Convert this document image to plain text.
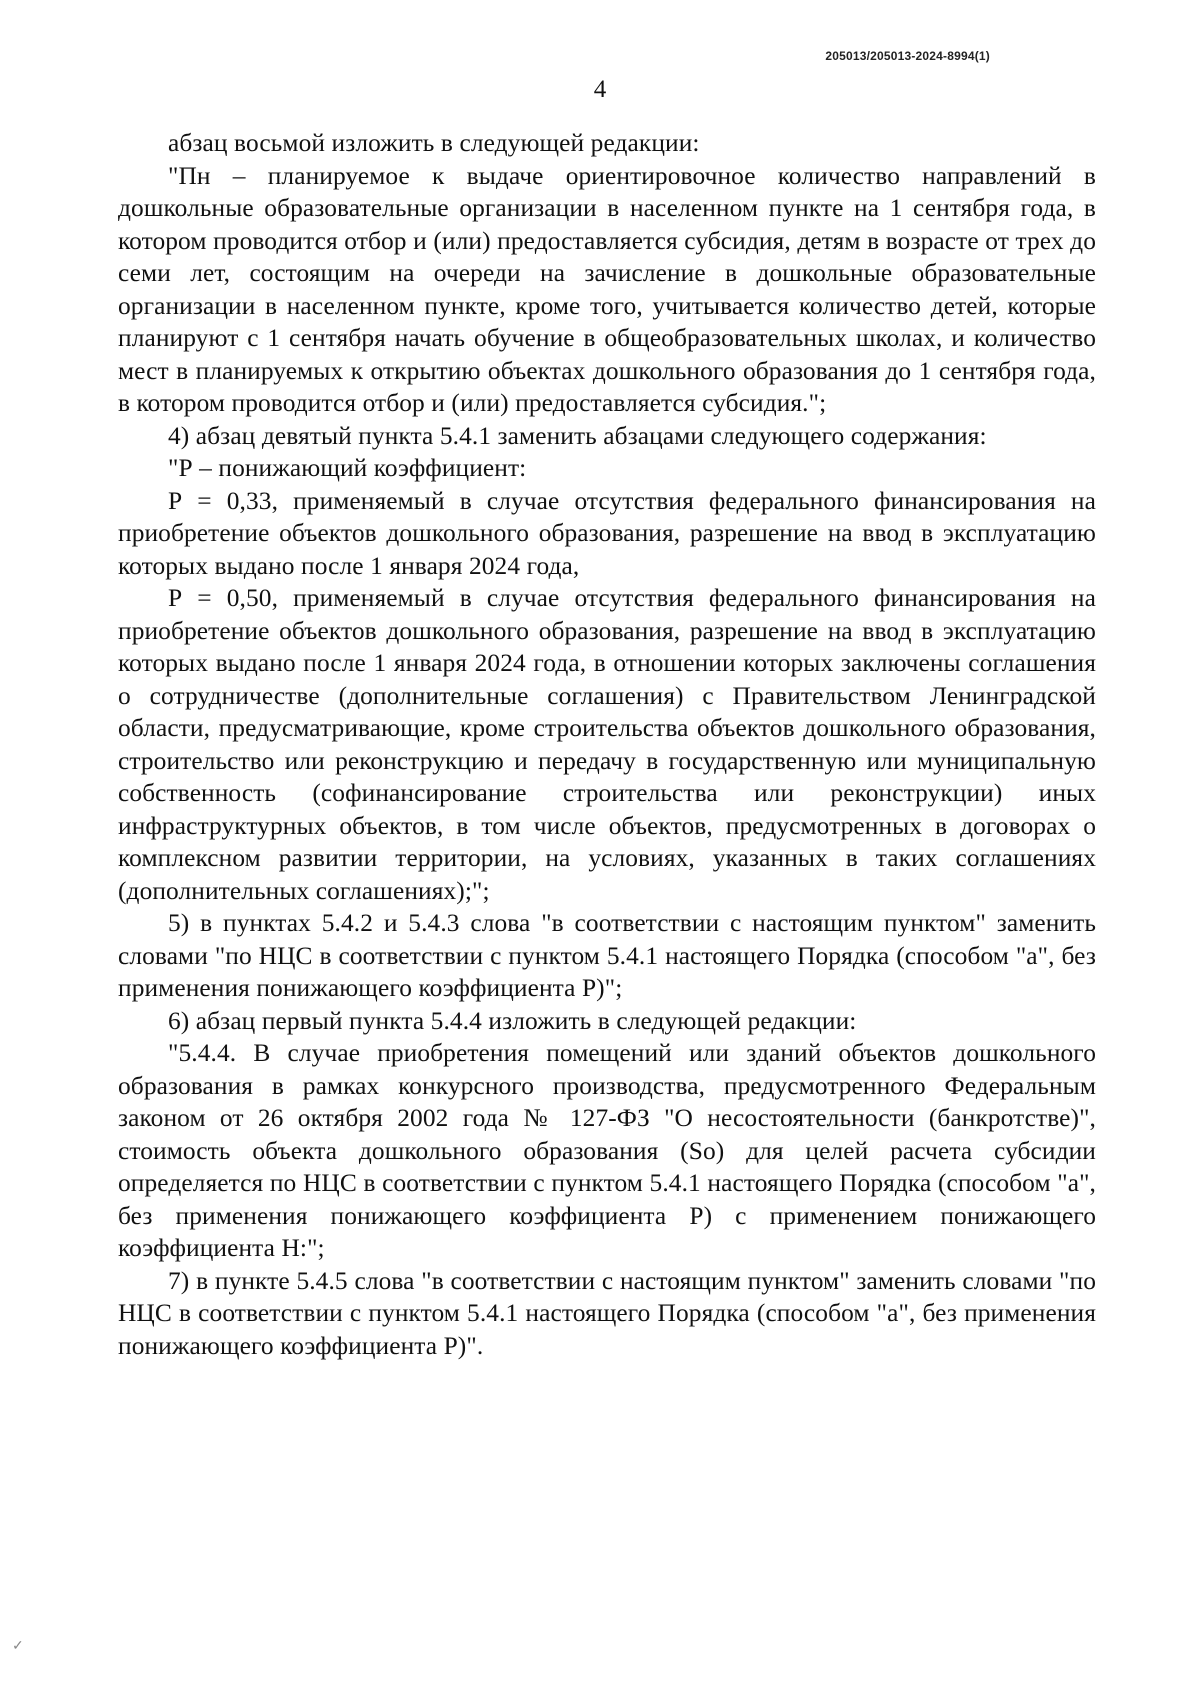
205013/205013-2024-8994(1)
4

абзац восьмой изложить в следующей редакции:

"Пн – планируемое к выдаче ориентировочное количество направлений в дошкольные образовательные организации в населенном пункте на 1 сентября года, в котором проводится отбор и (или) предоставляется субсидия, детям в возрасте от трех до семи лет, состоящим на очереди на зачисление в дошкольные образовательные организации в населенном пункте, кроме того, учитывается количество детей, которые планируют с 1 сентября начать обучение в общеобразовательных школах, и количество мест в планируемых к открытию объектах дошкольного образования до 1 сентября года, в котором проводится отбор и (или) предоставляется субсидия.";

4) абзац девятый пункта 5.4.1 заменить абзацами следующего содержания:

"Р – понижающий коэффициент:

Р = 0,33, применяемый в случае отсутствия федерального финансирования на приобретение объектов дошкольного образования, разрешение на ввод в эксплуатацию которых выдано после 1 января 2024 года,

Р = 0,50, применяемый в случае отсутствия федерального финансирования на приобретение объектов дошкольного образования, разрешение на ввод в эксплуатацию которых выдано после 1 января 2024 года, в отношении которых заключены соглашения о сотрудничестве (дополнительные соглашения) с Правительством Ленинградской области, предусматривающие, кроме строительства объектов дошкольного образования, строительство или реконструкцию и передачу в государственную или муниципальную собственность (софинансирование строительства или реконструкции) иных инфраструктурных объектов, в том числе объектов, предусмотренных в договорах о комплексном развитии территории, на условиях, указанных в таких соглашениях (дополнительных соглашениях);";

5) в пунктах 5.4.2 и 5.4.3 слова "в соответствии с настоящим пунктом" заменить словами "по НЦС в соответствии с пунктом 5.4.1 настоящего Порядка (способом "а", без применения понижающего коэффициента Р)";

6) абзац первый пункта 5.4.4 изложить в следующей редакции:

"5.4.4. В случае приобретения помещений или зданий объектов дошкольного образования в рамках конкурсного производства, предусмотренного Федеральным законом от 26 октября 2002 года № 127-ФЗ "О несостоятельности (банкротстве)", стоимость объекта дошкольного образования (So) для целей расчета субсидии определяется по НЦС в соответствии с пунктом 5.4.1 настоящего Порядка (способом "а", без применения понижающего коэффициента Р) с применением понижающего коэффициента Н:";

7) в пункте 5.4.5 слова "в соответствии с настоящим пунктом" заменить словами "по НЦС в соответствии с пунктом 5.4.1 настоящего Порядка (способом "а", без применения понижающего коэффициента Р)".

✓
